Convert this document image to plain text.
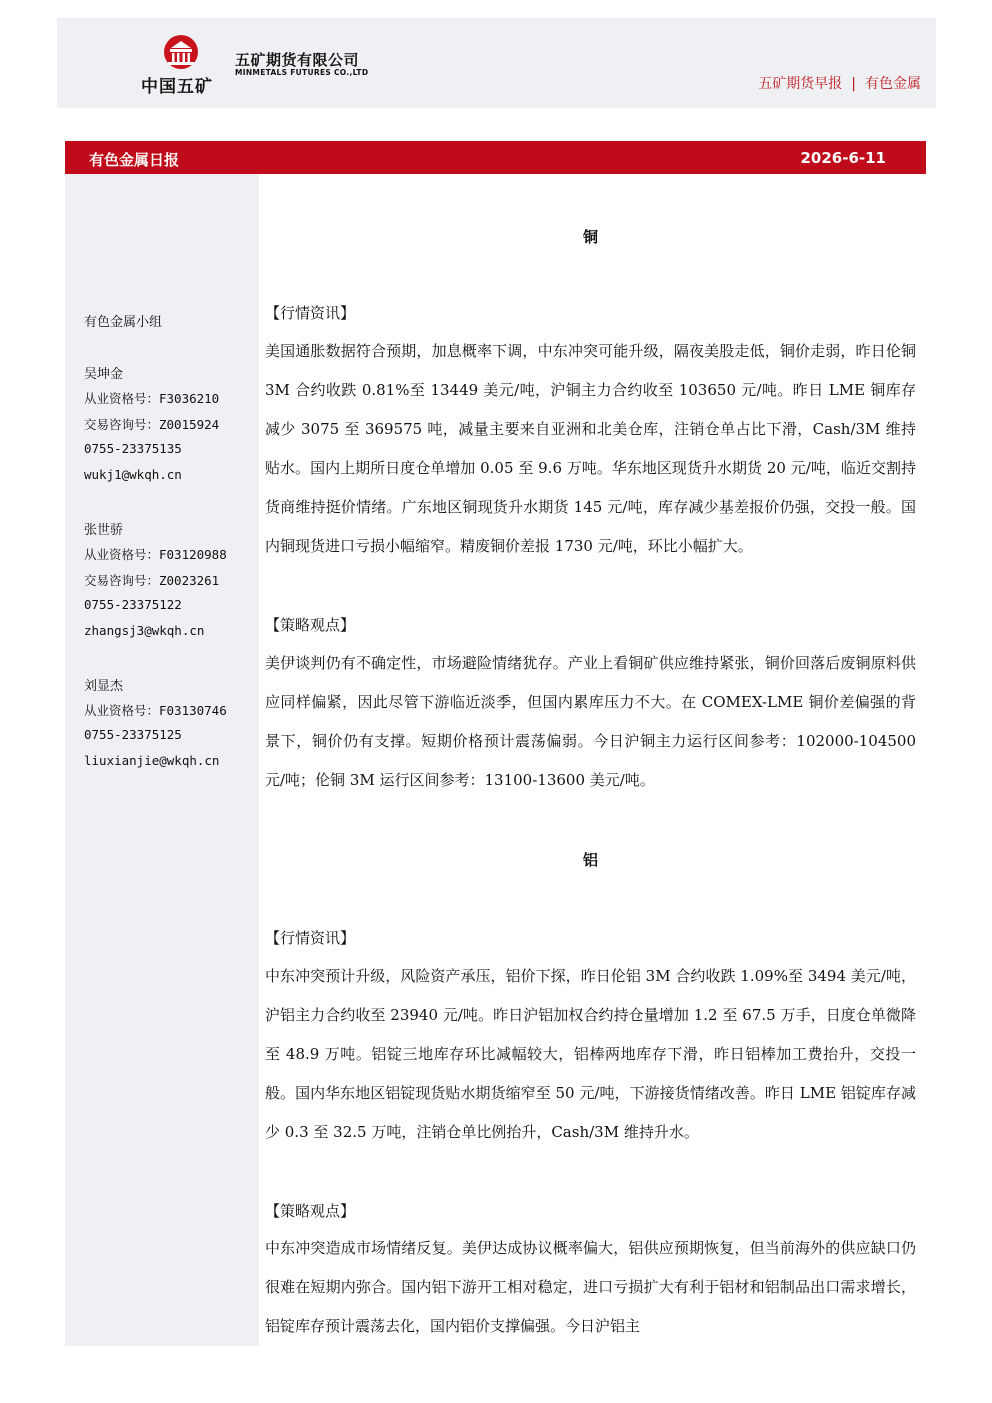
中国五矿
五矿期货有限公司
MINMETALS FUTURES CO.,LTD
五矿期货早报 | 有色金属
有色金属日报	2026-6-11
有色金属小组
吴坤金
从业资格号：F3036210
交易咨询号：Z0015924
0755-23375135
wukj1@wkqh.cn
张世骄
从业资格号：F03120988
交易咨询号：Z0023261
0755-23375122
zhangsj3@wkqh.cn
刘显杰
从业资格号：F03130746
0755-23375125
liuxianjie@wkqh.cn
铜
【行情资讯】

美国通胀数据符合预期，加息概率下调，中东冲突可能升级，隔夜美股走低，铜价走弱，昨日伦铜 3M 合约收跌 0.81%至 13449 美元/吨，沪铜主力合约收至 103650 元/吨。昨日 LME 铜库存减少 3075 至 369575 吨，减量主要来自亚洲和北美仓库，注销仓单占比下滑，Cash/3M 维持贴水。国内上期所日度仓单增加 0.05 至 9.6 万吨。华东地区现货升水期货 20 元/吨，临近交割持货商维持挺价情绪。广东地区铜现货升水期货 145 元/吨，库存减少基差报价仍强，交投一般。国内铜现货进口亏损小幅缩窄。精废铜价差报 1730 元/吨，环比小幅扩大。

【策略观点】

美伊谈判仍有不确定性，市场避险情绪犹存。产业上看铜矿供应维持紧张，铜价回落后废铜原料供应同样偏紧，因此尽管下游临近淡季，但国内累库压力不大。在 COMEX-LME 铜价差偏强的背景下，铜价仍有支撑。短期价格预计震荡偏弱。今日沪铜主力运行区间参考：102000-104500 元/吨；伦铜 3M 运行区间参考：13100-13600 美元/吨。

铝
【行情资讯】

中东冲突预计升级，风险资产承压，铝价下探，昨日伦铝 3M 合约收跌 1.09%至 3494 美元/吨，沪铝主力合约收至 23940 元/吨。昨日沪铝加权合约持仓量增加 1.2 至 67.5 万手，日度仓单微降至 48.9 万吨。铝锭三地库存环比减幅较大，铝棒两地库存下滑，昨日铝棒加工费抬升，交投一般。国内华东地区铝锭现货贴水期货缩窄至 50 元/吨，下游接货情绪改善。昨日 LME 铝锭库存减少 0.3 至 32.5 万吨，注销仓单比例抬升，Cash/3M 维持升水。

【策略观点】

中东冲突造成市场情绪反复。美伊达成协议概率偏大，铝供应预期恢复，但当前海外的供应缺口仍很难在短期内弥合。国内铝下游开工相对稳定，进口亏损扩大有利于铝材和铝制品出口需求增长，铝锭库存预计震荡去化，国内铝价支撑偏强。今日沪铝主
